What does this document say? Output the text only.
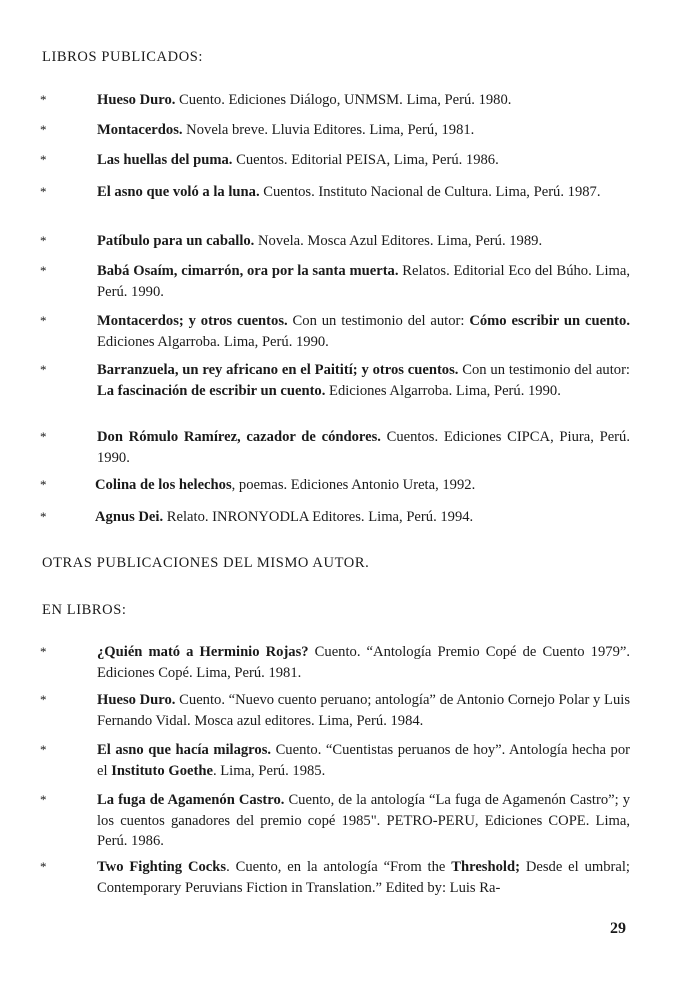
LIBROS PUBLICADOS:
*	Hueso Duro. Cuento. Ediciones Diálogo, UNMSM. Lima, Perú. 1980.
*	Montacerdos. Novela breve. Lluvia Editores. Lima, Perú, 1981.
*	Las huellas del puma. Cuentos. Editorial PEISA, Lima, Perú. 1986.
*	El asno que voló a la luna. Cuentos. Instituto Nacional de Cultura. Lima, Perú. 1987.
*	Patíbulo para un caballo. Novela. Mosca Azul Editores. Lima, Perú. 1989.
*	Babá Osaím, cimarrón, ora por la santa muerta. Relatos. Editorial Eco del Búho. Lima, Perú. 1990.
*	Montacerdos; y otros cuentos. Con un testimonio del autor: Cómo escribir un cuento. Ediciones Algarroba. Lima, Perú. 1990.
*	Barranzuela, un rey africano en el Paitití; y otros cuentos. Con un testimonio del autor: La fascinación de escribir un cuento. Ediciones Algarroba. Lima, Perú. 1990.
*	Don Rómulo Ramírez, cazador de cóndores. Cuentos. Ediciones CIPCA, Piura, Perú. 1990.
*	Colina de los helechos, poemas. Ediciones Antonio Ureta, 1992.
*	Agnus Dei. Relato. INRONYODLA Editores. Lima, Perú. 1994.
OTRAS PUBLICACIONES DEL MISMO AUTOR.
EN LIBROS:
*	¿Quién mató a Herminio Rojas? Cuento. “Antología Premio Copé de Cuento 1979”. Ediciones Copé. Lima, Perú. 1981.
*	Hueso Duro. Cuento. “Nuevo cuento peruano; antología” de Antonio Cornejo Polar y Luis Fernando Vidal. Mosca azul editores. Lima, Perú. 1984.
*	El asno que hacía milagros. Cuento. “Cuentistas peruanos de hoy”. Antología hecha por el Instituto Goethe. Lima, Perú. 1985.
*	La fuga de Agamenón Castro. Cuento, de la antología “La fuga de Agamenón Castro”; y los cuentos ganadores del premio copé 1985". PETRO-PERU, Ediciones COPE. Lima, Perú. 1986.
*	Two Fighting Cocks. Cuento, en la antología “From the Threshold; Desde el umbral; Contemporary Peruvians Fiction in Translation.” Edited by: Luis Ra-
29
